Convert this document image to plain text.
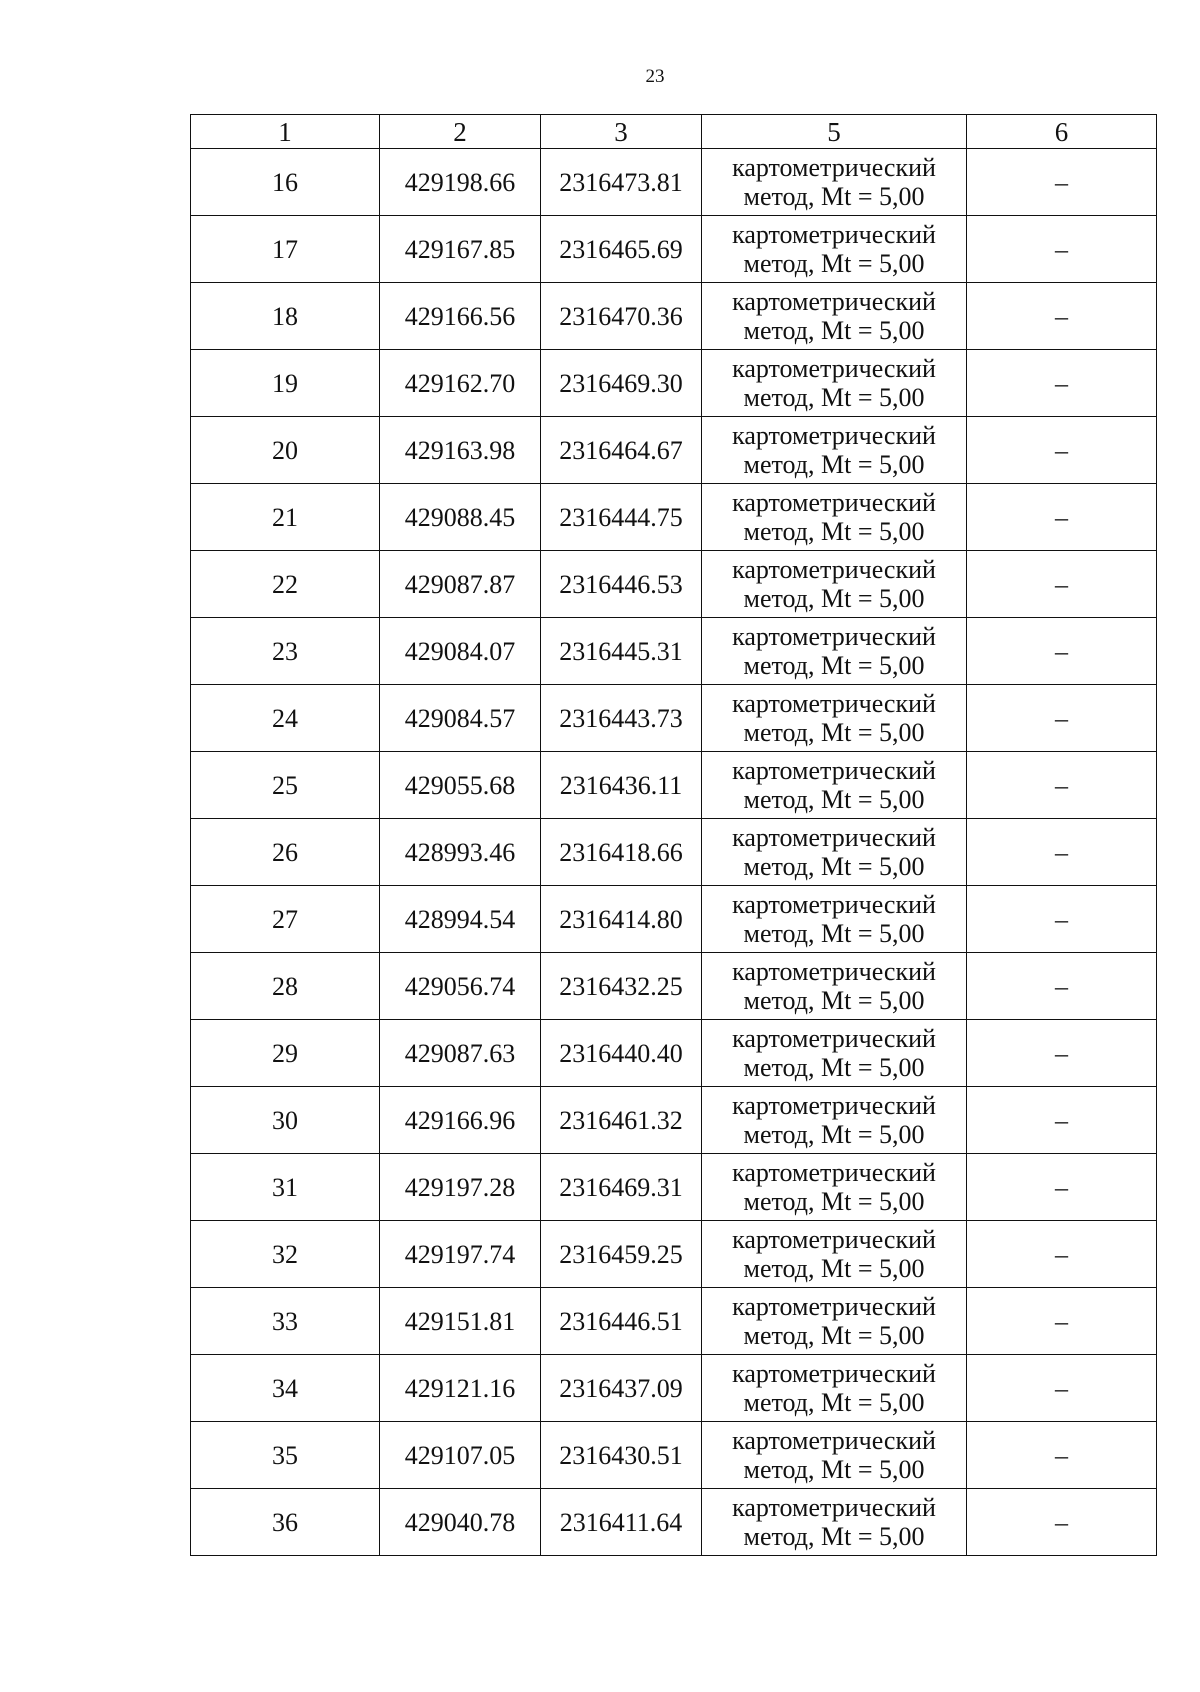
23
1	2	3	5	6
16	429198.66	2316473.81	картометрический
метод, Mt = 5,00	–
17	429167.85	2316465.69	картометрический
метод, Mt = 5,00	–
18	429166.56	2316470.36	картометрический
метод, Mt = 5,00	–
19	429162.70	2316469.30	картометрический
метод, Mt = 5,00	–
20	429163.98	2316464.67	картометрический
метод, Mt = 5,00	–
21	429088.45	2316444.75	картометрический
метод, Mt = 5,00	–
22	429087.87	2316446.53	картометрический
метод, Mt = 5,00	–
23	429084.07	2316445.31	картометрический
метод, Mt = 5,00	–
24	429084.57	2316443.73	картометрический
метод, Mt = 5,00	–
25	429055.68	2316436.11	картометрический
метод, Mt = 5,00	–
26	428993.46	2316418.66	картометрический
метод, Mt = 5,00	–
27	428994.54	2316414.80	картометрический
метод, Mt = 5,00	–
28	429056.74	2316432.25	картометрический
метод, Mt = 5,00	–
29	429087.63	2316440.40	картометрический
метод, Mt = 5,00	–
30	429166.96	2316461.32	картометрический
метод, Mt = 5,00	–
31	429197.28	2316469.31	картометрический
метод, Mt = 5,00	–
32	429197.74	2316459.25	картометрический
метод, Mt = 5,00	–
33	429151.81	2316446.51	картометрический
метод, Mt = 5,00	–
34	429121.16	2316437.09	картометрический
метод, Mt = 5,00	–
35	429107.05	2316430.51	картометрический
метод, Mt = 5,00	–
36	429040.78	2316411.64	картометрический
метод, Mt = 5,00	–
